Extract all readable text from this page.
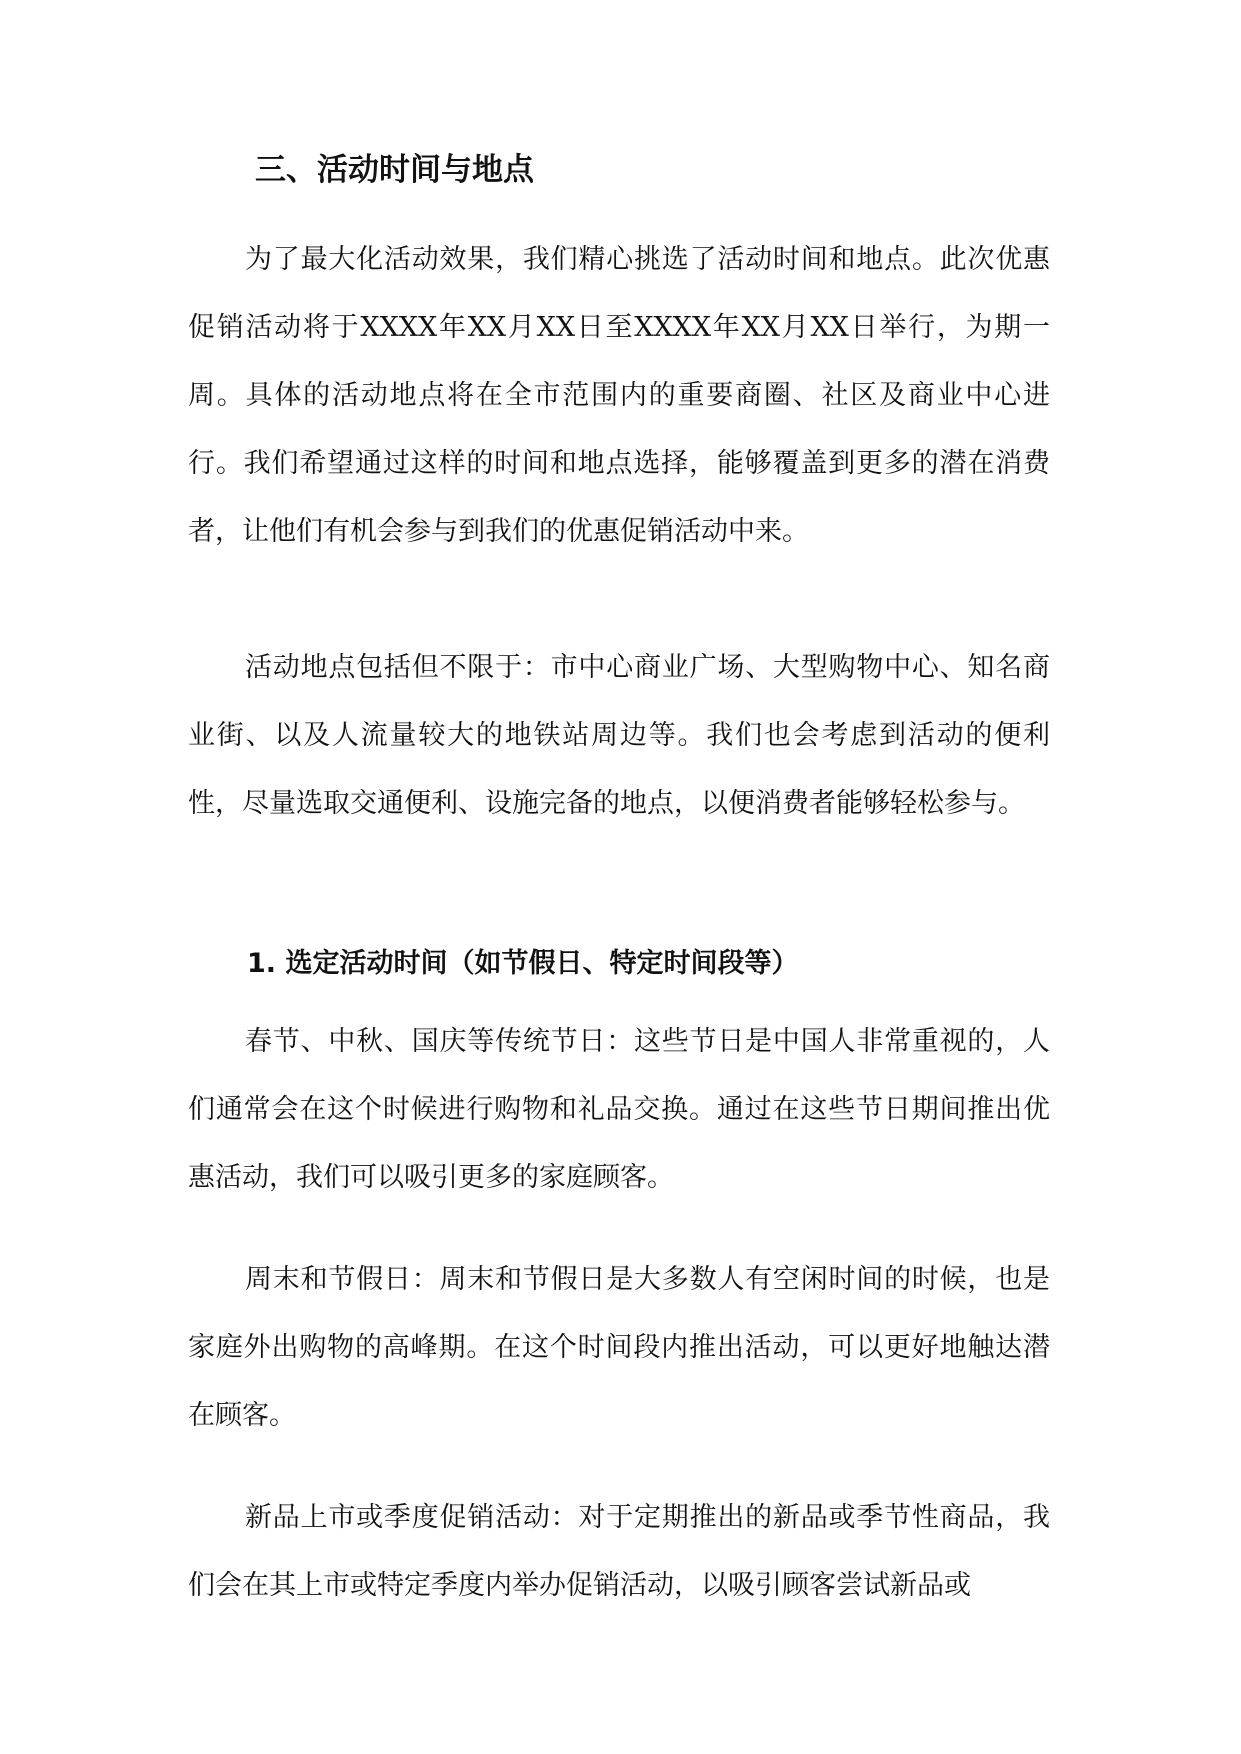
三、活动时间与地点

为了最大化活动效果，我们精心挑选了活动时间和地点。此次优惠促销活动将于XXXX年XX月XX日至XXXX年XX月XX日举行，为期一周。具体的活动地点将在全市范围内的重要商圈、社区及商业中心进行。我们希望通过这样的时间和地点选择，能够覆盖到更多的潜在消费者，让他们有机会参与到我们的优惠促销活动中来。

活动地点包括但不限于：市中心商业广场、大型购物中心、知名商业街、以及人流量较大的地铁站周边等。我们也会考虑到活动的便利性，尽量选取交通便利、设施完备的地点，以便消费者能够轻松参与。

1. 选定活动时间（如节假日、特定时间段等）

春节、中秋、国庆等传统节日：这些节日是中国人非常重视的，人们通常会在这个时候进行购物和礼品交换。通过在这些节日期间推出优惠活动，我们可以吸引更多的家庭顾客。

周末和节假日：周末和节假日是大多数人有空闲时间的时候，也是家庭外出购物的高峰期。在这个时间段内推出活动，可以更好地触达潜在顾客。

新品上市或季度促销活动：对于定期推出的新品或季节性商品，我们会在其上市或特定季度内举办促销活动，以吸引顾客尝试新品或
